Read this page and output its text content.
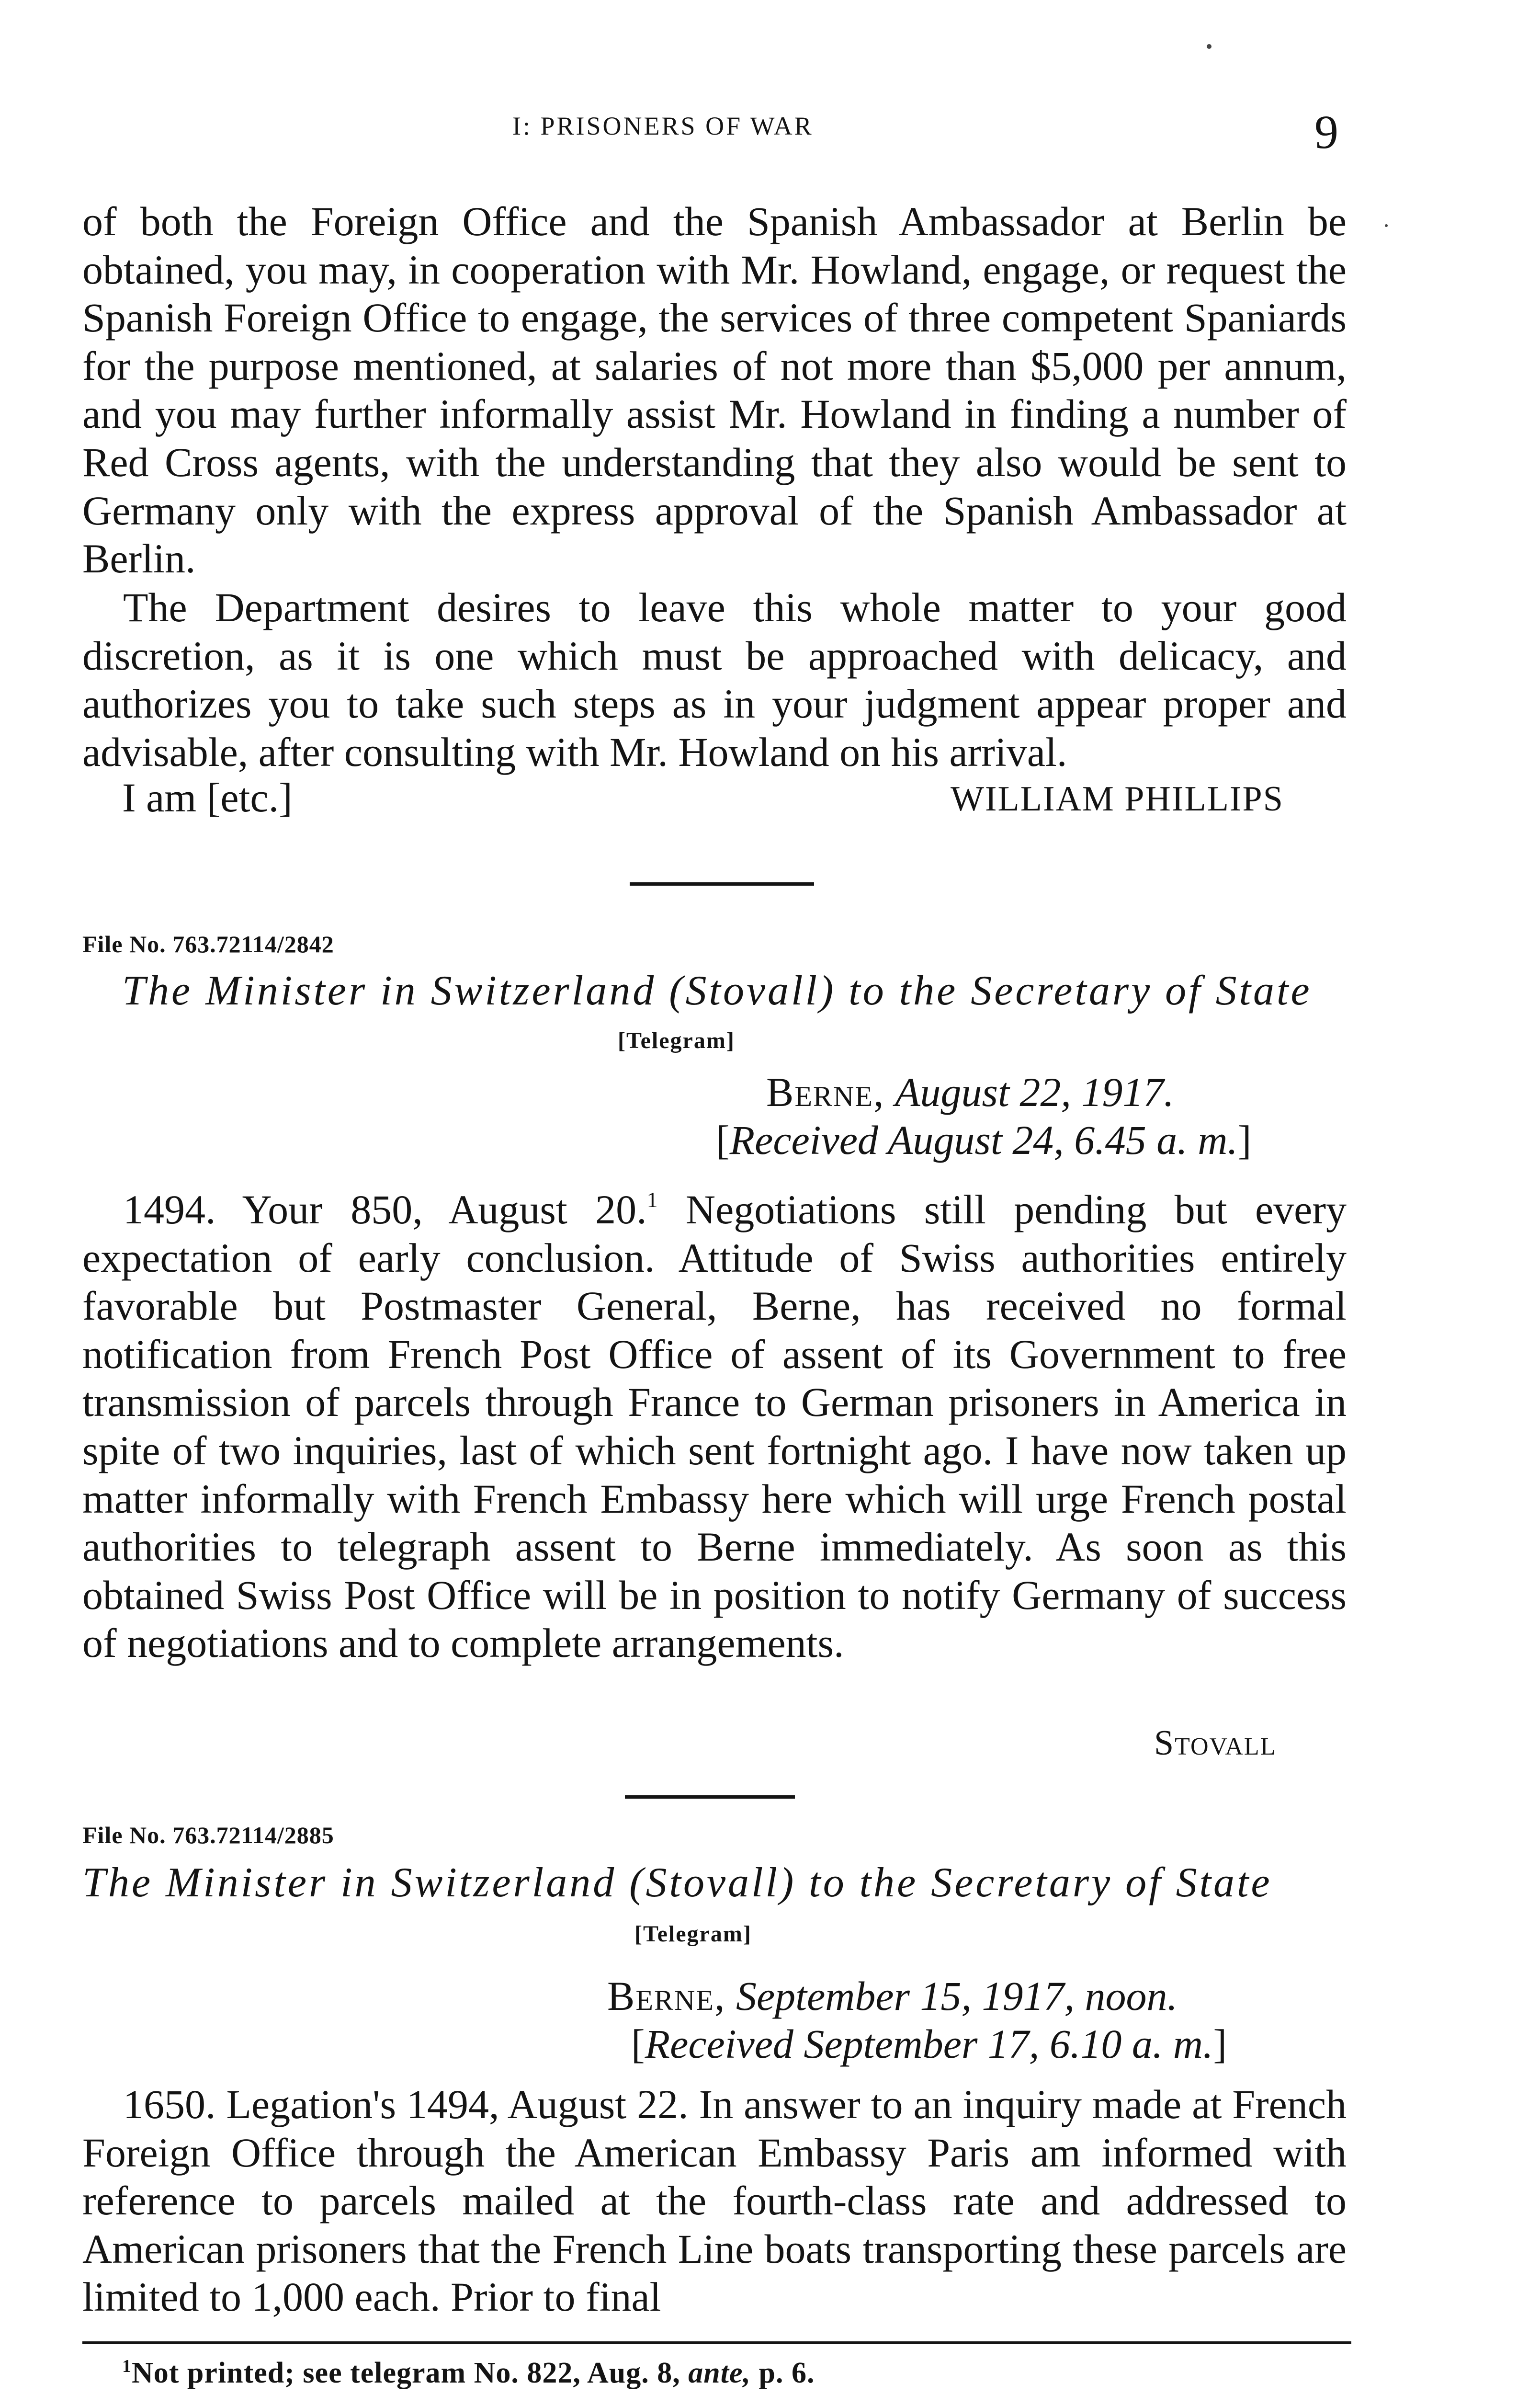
I: PRISONERS OF WAR	9

of both the Foreign Office and the Spanish Ambassador at Berlin be obtained, you may, in cooperation with Mr. Howland, engage, or request the Spanish Foreign Office to engage, the services of three competent Spaniards for the purpose mentioned, at salaries of not more than $5,000 per annum, and you may further informally assist Mr. Howland in finding a number of Red Cross agents, with the understanding that they also would be sent to Germany only with the express approval of the Spanish Ambassador at Berlin.

The Department desires to leave this whole matter to your good discretion, as it is one which must be approached with delicacy, and authorizes you to take such steps as in your judgment appear proper and advisable, after consulting with Mr. Howland on his arrival.

I am [etc.]	WILLIAM PHILLIPS
File No. 763.72114/2842
The Minister in Switzerland (Stovall) to the Secretary of State
[Telegram]
Berne, August 22, 1917.
[Received August 24, 6.45 a. m.]

1494. Your 850, August 20.$^1$ Negotiations still pending but every expectation of early conclusion. Attitude of Swiss authorities entirely favorable but Postmaster General, Berne, has received no formal notification from French Post Office of assent of its Government to free transmission of parcels through France to German prisoners in America in spite of two inquiries, last of which sent fortnight ago. I have now taken up matter informally with French Embassy here which will urge French postal authorities to telegraph assent to Berne immediately. As soon as this obtained Swiss Post Office will be in position to notify Germany of success of negotiations and to complete arrangements.

Stovall
File No. 763.72114/2885
The Minister in Switzerland (Stovall) to the Secretary of State
[Telegram]
Berne, September 15, 1917, noon.
[Received September 17, 6.10 a. m.]

1650. Legation's 1494, August 22. In answer to an inquiry made at French Foreign Office through the American Embassy Paris am informed with reference to parcels mailed at the fourth-class rate and addressed to American prisoners that the French Line boats transporting these parcels are limited to 1,000 each. Prior to final

$^1$Not printed; see telegram No. 822, Aug. 8, ante, p. 6.
